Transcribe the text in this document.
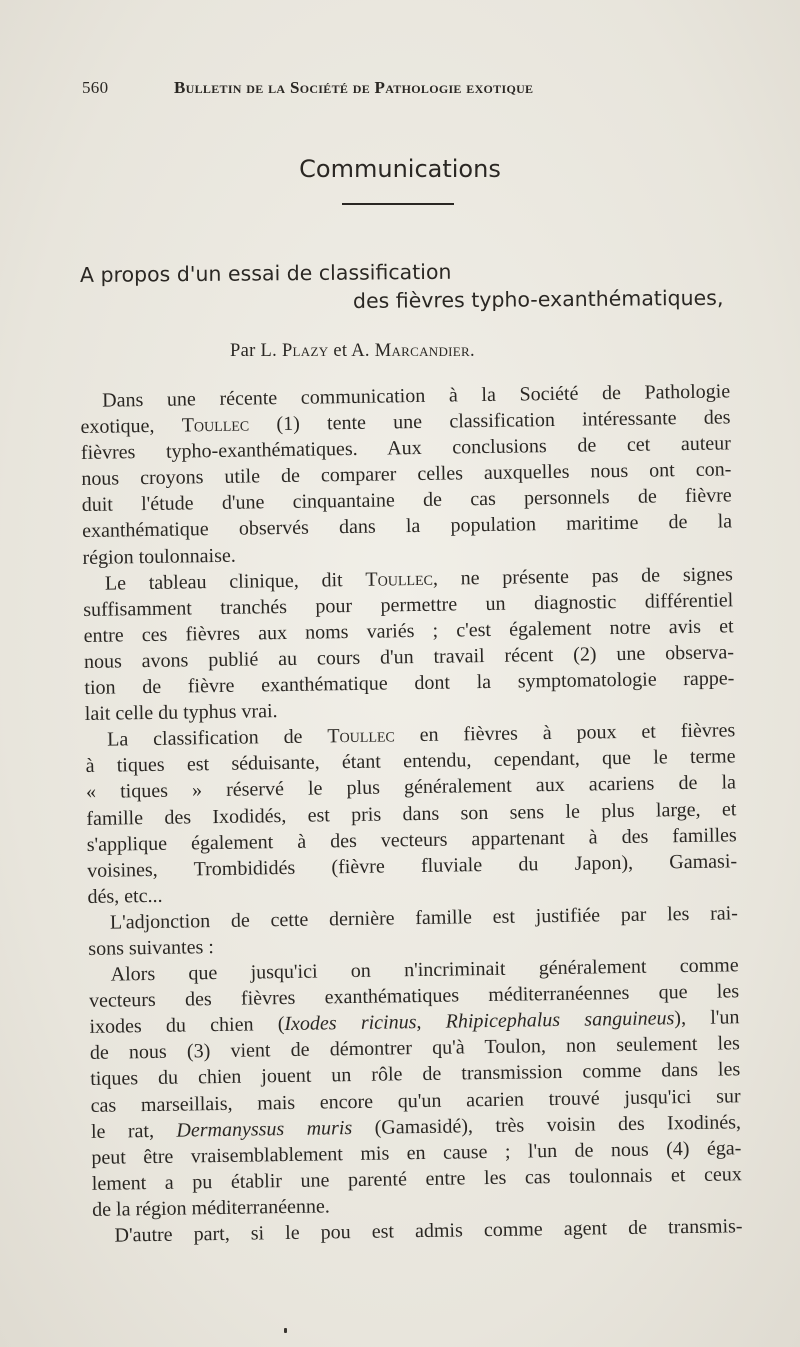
560	Bulletin de la Société de Pathologie exotique
Communications
A propos d'un essai de classification
des fièvres typho-exanthématiques,
Par L. Plazy et A. Marcandier.
Dans une récente communication à la Société de Pathologie
exotique, Toullec (1) tente une classification intéressante des
fièvres typho-exanthématiques. Aux conclusions de cet auteur
nous croyons utile de comparer celles auxquelles nous ont con-
duit l'étude d'une cinquantaine de cas personnels de fièvre
exanthématique observés dans la population maritime de la
région toulonnaise.
Le tableau clinique, dit Toullec, ne présente pas de signes
suffisamment tranchés pour permettre un diagnostic différentiel
entre ces fièvres aux noms variés ; c'est également notre avis et
nous avons publié au cours d'un travail récent (2) une observa-
tion de fièvre exanthématique dont la symptomatologie rappe-
lait celle du typhus vrai.
La classification de Toullec en fièvres à poux et fièvres
à tiques est séduisante, étant entendu, cependant, que le terme
« tiques » réservé le plus généralement aux acariens de la
famille des Ixodidés, est pris dans son sens le plus large, et
s'applique également à des vecteurs appartenant à des familles
voisines, Trombididés (fièvre fluviale du Japon), Gamasi-
dés, etc...
L'adjonction de cette dernière famille est justifiée par les rai-
sons suivantes :
Alors que jusqu'ici on n'incriminait généralement comme
vecteurs des fièvres exanthématiques méditerranéennes que les
ixodes du chien (Ixodes ricinus, Rhipicephalus sanguineus), l'un
de nous (3) vient de démontrer qu'à Toulon, non seulement les
tiques du chien jouent un rôle de transmission comme dans les
cas marseillais, mais encore qu'un acarien trouvé jusqu'ici sur
le rat, Dermanyssus muris (Gamasidé), très voisin des Ixodinés,
peut être vraisemblablement mis en cause ; l'un de nous (4) éga-
lement a pu établir une parenté entre les cas toulonnais et ceux
de la région méditerranéenne.
D'autre part, si le pou est admis comme agent de transmis-
